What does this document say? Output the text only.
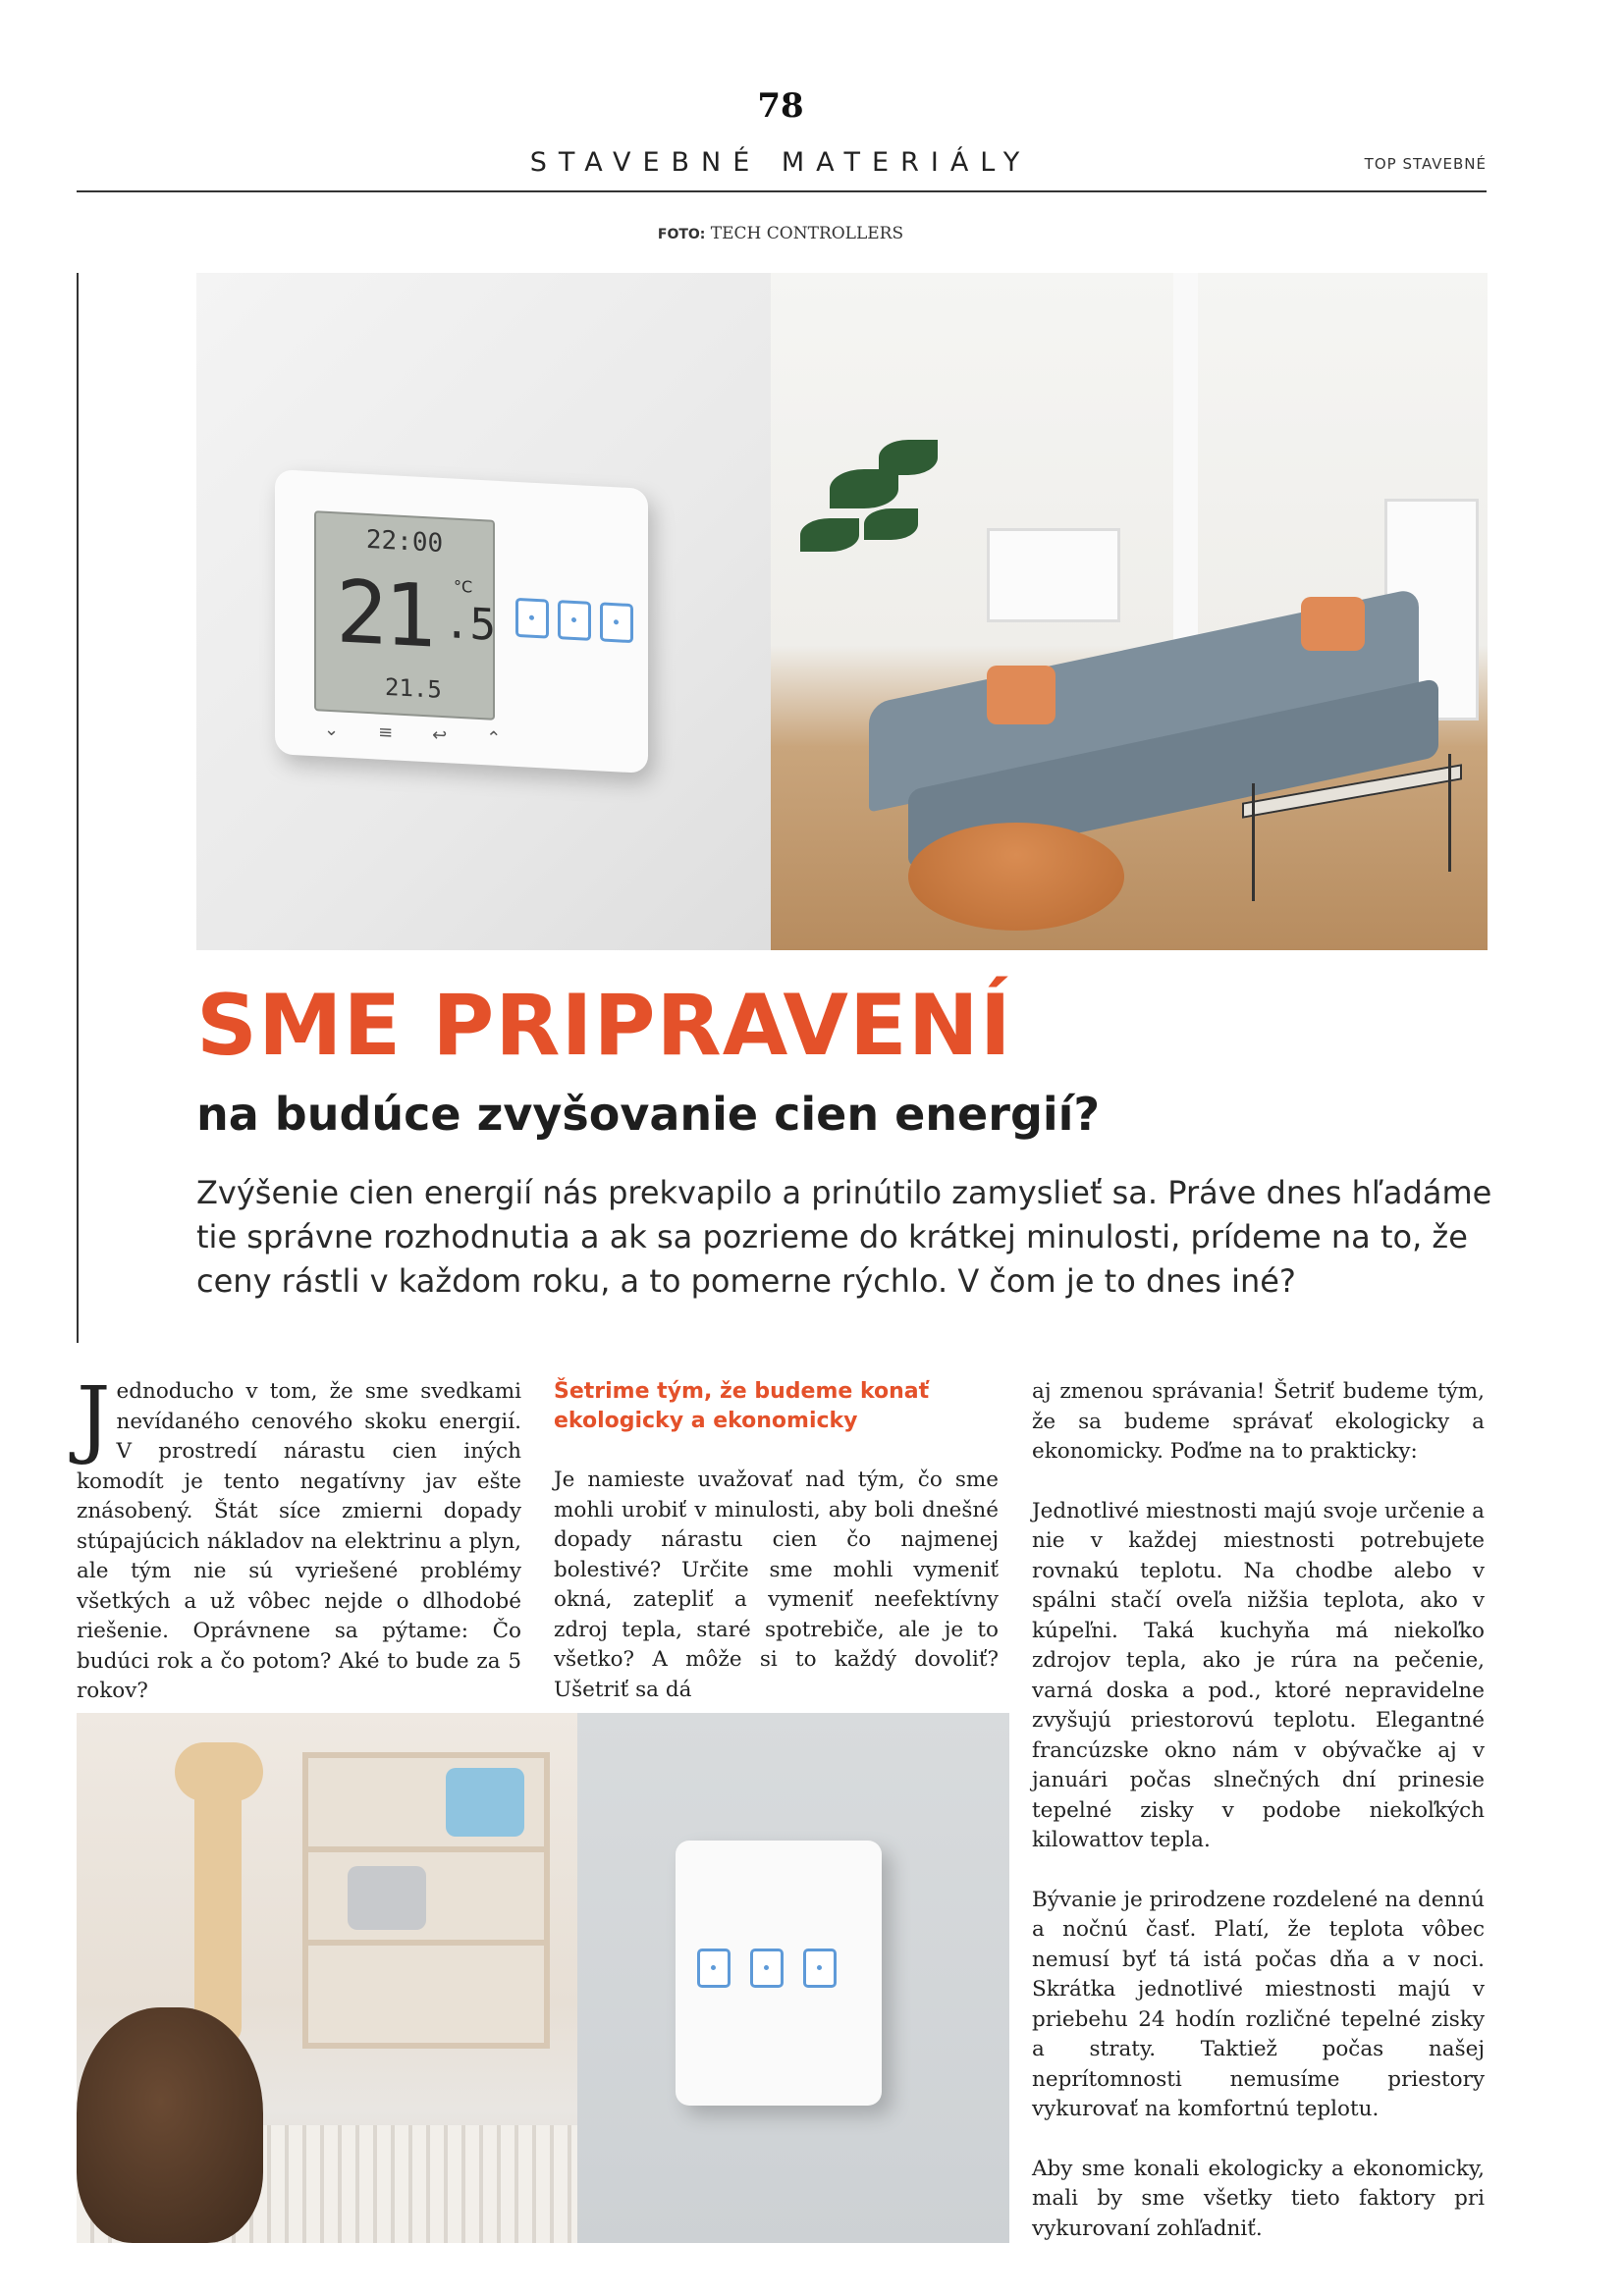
78
STAVEBNÉ MATERIÁLY	TOP STAVEBNÉ
FOTO: TECH CONTROLLERS
22:00
21 °C
.5
21.5
⌄≡↩⌃
SME PRIPRAVENÍ
na budúce zvyšovanie cien energií?
Zvýšenie cien energií nás prekvapilo a prinútilo zamyslieť sa. Práve dnes hľadáme tie správne rozhodnutia a ak sa pozrieme do krátkej minulosti, prídeme na to, že ceny rástli v každom roku, a to pomerne rýchlo. V čom je to dnes iné?

Jednoducho v tom, že sme svedkami nevídaného cenového skoku energií. V prostredí nárastu cien iných komodít je tento negatívny jav ešte znásobený. Štát síce zmierni dopady stúpajúcich nákladov na elektrinu a plyn, ale tým nie sú vyriešené problémy všetkých a už vôbec nejde o dlhodobé riešenie. Oprávnene sa pýtame: Čo budúci rok a čo potom? Aké to bude za 5 rokov?

Šetrime tým, že budeme konať ekologicky a ekonomicky

Je namieste uvažovať nad tým, čo sme mohli urobiť v minulosti, aby boli dnešné dopady nárastu cien čo najmenej bolestivé? Určite sme mohli vymeniť okná, zatepliť a vymeniť neefektívny zdroj tepla, staré spotrebiče, ale je to všetko? A môže si to každý dovoliť? Ušetriť sa dá

aj zmenou správania! Šetriť budeme tým, že sa budeme správať ekologicky a ekonomicky. Poďme na to prakticky:

Jednotlivé miestnosti majú svoje určenie a nie v každej miestnosti potrebujete rovnakú teplotu. Na chodbe alebo v spálni stačí oveľa nižšia teplota, ako v kúpeľni. Taká kuchyňa má niekoľko zdrojov tepla, ako je rúra na pečenie, varná doska a pod., ktoré nepravidelne zvyšujú priestorovú teplotu. Elegantné francúzske okno nám v obývačke aj v januári počas slnečných dní prinesie tepelné zisky v podobe niekoľkých kilowattov tepla.

Bývanie je prirodzene rozdelené na dennú a nočnú časť. Platí, že teplota vôbec nemusí byť tá istá počas dňa a v noci. Skrátka jednotlivé miestnosti majú v priebehu 24 hodín rozličné tepelné zisky a straty. Taktiež počas našej neprítomnosti nemusíme priestory vykurovať na komfortnú teplotu.

Aby sme konali ekologicky a ekonomicky, mali by sme všetky tieto faktory pri vykurovaní zohľadniť.
